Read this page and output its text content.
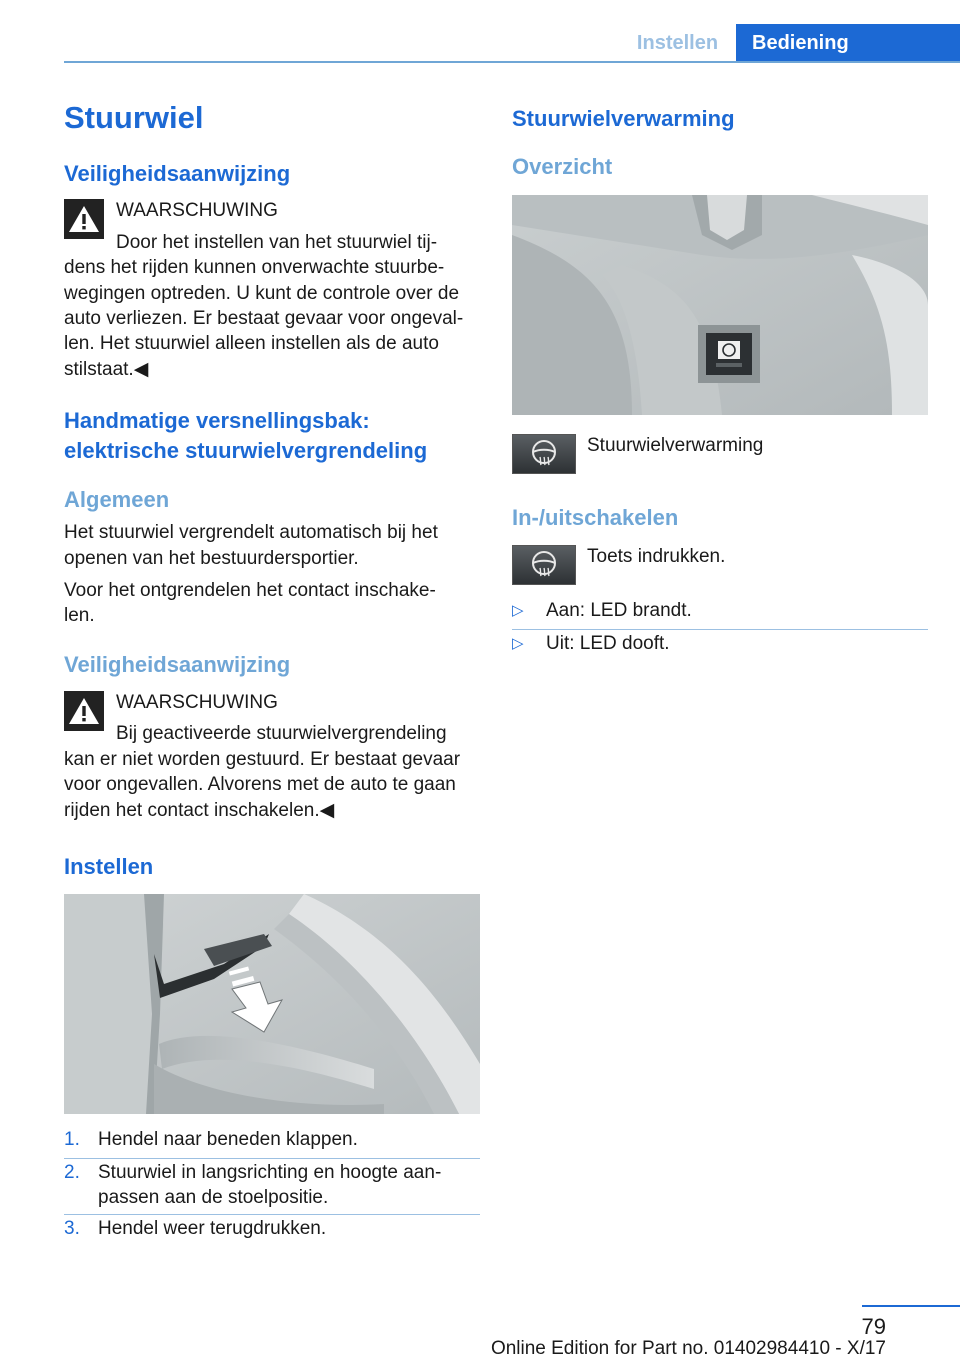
Instellen	Bediening
Stuurwiel
Veiligheidsaanwijzing
WAARSCHUWING
Door het instellen van het stuurwiel tij‐
dens het rijden kunnen onverwachte stuurbe‐
wegingen optreden. U kunt de controle over de
auto verliezen. Er bestaat gevaar voor ongeval‐
len. Het stuurwiel alleen instellen als de auto
stilstaat.◀
Handmatige versnellingsbak:
elektrische stuurwielvergrendeling
Algemeen
Het stuurwiel vergrendelt automatisch bij het
openen van het bestuurdersportier.
Voor het ontgrendelen het contact inschake‐
len.
Veiligheidsaanwijzing
WAARSCHUWING
Bij geactiveerde stuurwielvergrendeling
kan er niet worden gestuurd. Er bestaat gevaar
voor ongevallen. Alvorens met de auto te gaan
rijden het contact inschakelen.◀
Instellen
1. Hendel naar beneden klappen.
2. Stuurwiel in langsrichting en hoogte aan‐
passen aan de stoelpositie.
3. Hendel weer terugdrukken.
Stuurwielverwarming
Overzicht
Stuurwielverwarming
In-/uitschakelen
Toets indrukken.
▷	Aan: LED brandt.
▷	Uit: LED dooft.
79
Online Edition for Part no. 01402984410 - X/17
